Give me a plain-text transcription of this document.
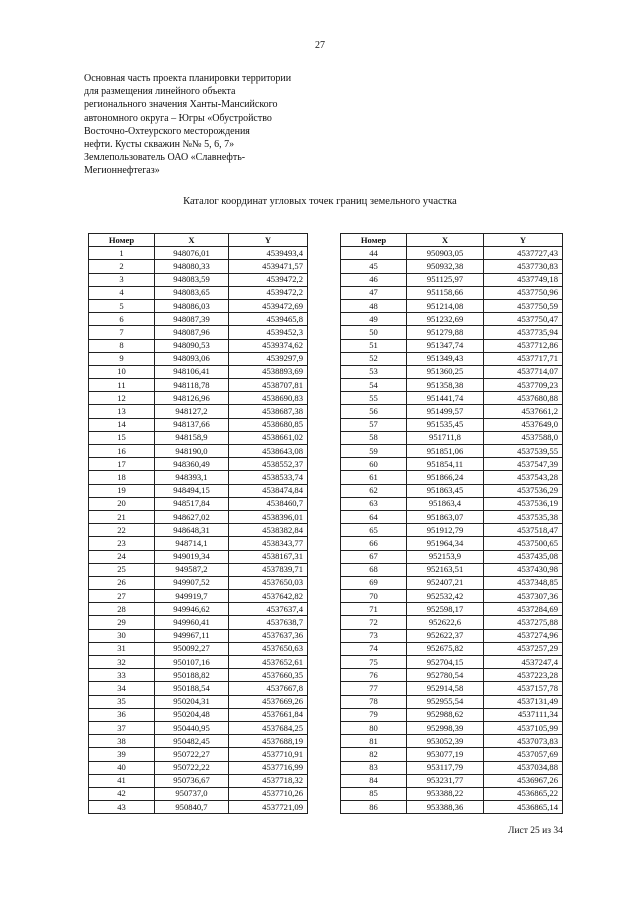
27
Основная часть проекта планировки территории
для размещения линейного объекта
регионального значения Ханты-Мансийского
автономного округа – Югры «Обустройство
Восточно-Охтеурского месторождения
нефти. Кусты скважин №№ 5, 6, 7»
Землепользователь ОАО «Славнефть-
Мегионнефтегаз»
Каталог координат угловых точек границ земельного участка
Номер	X	Y
1	948076,01	4539493,4
2	948080,33	4539471,57
3	948083,59	4539472,2
4	948083,65	4539472,2
5	948086,03	4539472,69
6	948087,39	4539465,8
7	948087,96	4539452,3
8	948090,53	4539374,62
9	948093,06	4539297,9
10	948106,41	4538893,69
11	948118,78	4538707,81
12	948126,96	4538690,83
13	948127,2	4538687,38
14	948137,66	4538680,85
15	948158,9	4538661,02
16	948190,0	4538643,08
17	948360,49	4538552,37
18	948393,1	4538533,74
19	948494,15	4538474,84
20	948517,84	4538460,7
21	948627,02	4538396,01
22	948648,31	4538382,84
23	948714,1	4538343,77
24	949019,34	4538167,31
25	949587,2	4537839,71
26	949907,52	4537650,03
27	949919,7	4537642,82
28	949946,62	4537637,4
29	949960,41	4537638,7
30	949967,11	4537637,36
31	950092,27	4537650,63
32	950107,16	4537652,61
33	950188,82	4537660,35
34	950188,54	4537667,8
35	950204,31	4537669,26
36	950204,48	4537661,84
37	950440,95	4537684,25
38	950482,45	4537688,19
39	950722,27	4537710,91
40	950722,22	4537716,99
41	950736,67	4537718,32
42	950737,0	4537710,26
43	950840,7	4537721,09
Номер	X	Y
44	950903,05	4537727,43
45	950932,38	4537730,83
46	951125,97	4537749,18
47	951158,66	4537750,96
48	951214,08	4537750,59
49	951232,69	4537750,47
50	951279,88	4537735,94
51	951347,74	4537712,86
52	951349,43	4537717,71
53	951360,25	4537714,07
54	951358,38	4537709,23
55	951441,74	4537680,88
56	951499,57	4537661,2
57	951535,45	4537649,0
58	951711,8	4537588,0
59	951851,06	4537539,55
60	951854,11	4537547,39
61	951866,24	4537543,28
62	951863,45	4537536,29
63	951863,4	4537536,19
64	951863,07	4537535,38
65	951912,79	4537518,47
66	951964,34	4537500,65
67	952153,9	4537435,08
68	952163,51	4537430,98
69	952407,21	4537348,85
70	952532,42	4537307,36
71	952598,17	4537284,69
72	952622,6	4537275,88
73	952622,37	4537274,96
74	952675,82	4537257,29
75	952704,15	4537247,4
76	952780,54	4537223,28
77	952914,58	4537157,78
78	952955,54	4537131,49
79	952988,62	4537111,34
80	952998,39	4537105,99
81	953052,39	4537073,83
82	953077,19	4537057,69
83	953117,79	4537034,88
84	953231,77	4536967,26
85	953388,22	4536865,22
86	953388,36	4536865,14
Лист 25 из 34
